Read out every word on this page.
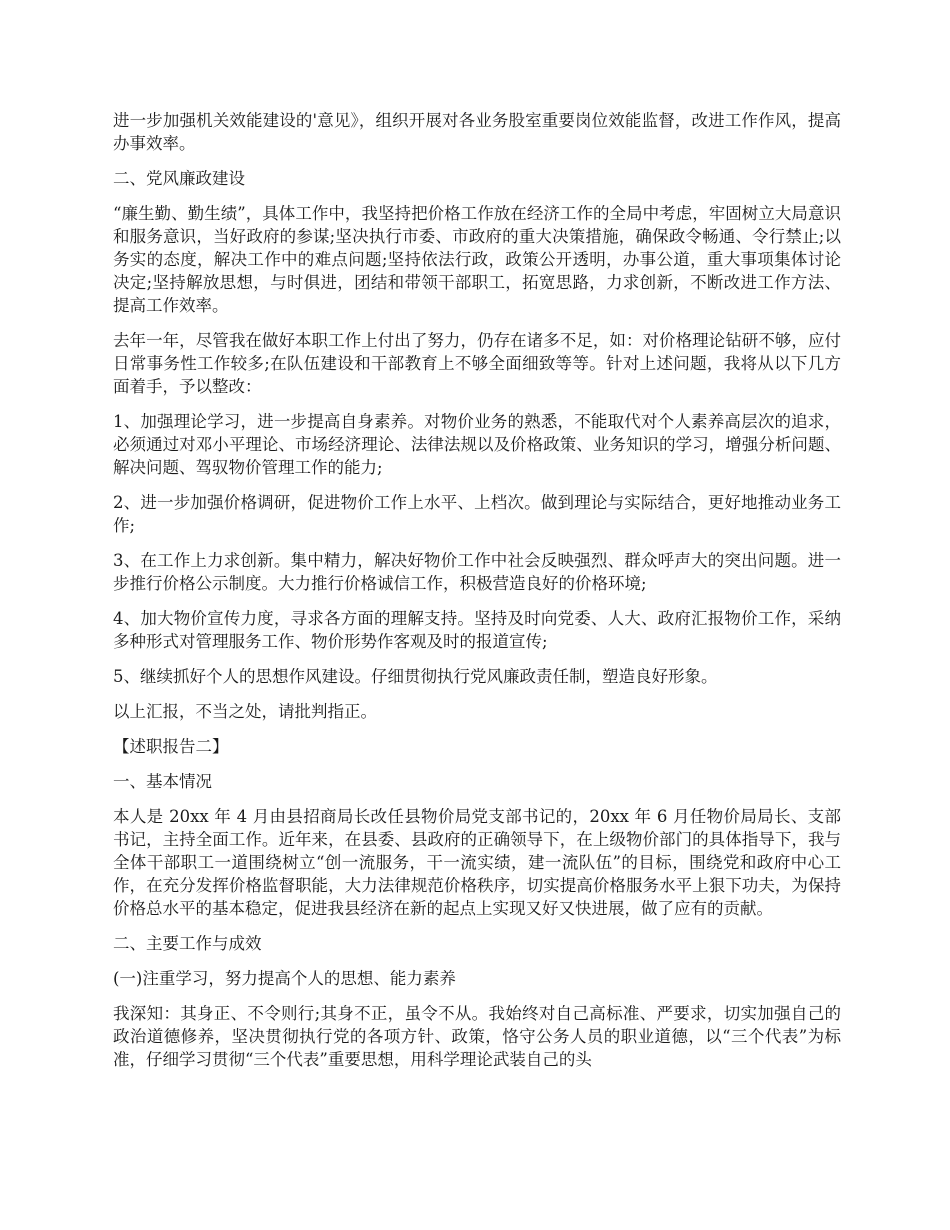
进一步加强机关效能建设的'意见》，组织开展对各业务股室重要岗位效能监督，改进工作作风，提高办事效率。

二、党风廉政建设

“廉生勤、勤生绩”，具体工作中，我坚持把价格工作放在经济工作的全局中考虑，牢固树立大局意识和服务意识，当好政府的参谋;坚决执行市委、市政府的重大决策措施，确保政令畅通、令行禁止;以务实的态度，解决工作中的难点问题;坚持依法行政，政策公开透明，办事公道，重大事项集体讨论决定;坚持解放思想，与时俱进，团结和带领干部职工，拓宽思路，力求创新，不断改进工作方法、提高工作效率。

去年一年，尽管我在做好本职工作上付出了努力，仍存在诸多不足，如：对价格理论钻研不够，应付日常事务性工作较多;在队伍建设和干部教育上不够全面细致等等。针对上述问题，我将从以下几方面着手，予以整改：

1、加强理论学习，进一步提高自身素养。对物价业务的熟悉，不能取代对个人素养高层次的追求，必须通过对邓小平理论、市场经济理论、法律法规以及价格政策、业务知识的学习，增强分析问题、解决问题、驾驭物价管理工作的能力;

2、进一步加强价格调研，促进物价工作上水平、上档次。做到理论与实际结合，更好地推动业务工作;

3、在工作上力求创新。集中精力，解决好物价工作中社会反映强烈、群众呼声大的突出问题。进一步推行价格公示制度。大力推行价格诚信工作，积极营造良好的价格环境;

4、加大物价宣传力度，寻求各方面的理解支持。坚持及时向党委、人大、政府汇报物价工作，采纳多种形式对管理服务工作、物价形势作客观及时的报道宣传;

5、继续抓好个人的思想作风建设。仔细贯彻执行党风廉政责任制，塑造良好形象。

以上汇报，不当之处，请批判指正。

【述职报告二】

一、基本情况

本人是 20xx 年 4 月由县招商局长改任县物价局党支部书记的，20xx 年 6 月任物价局局长、支部书记，主持全面工作。近年来，在县委、县政府的正确领导下，在上级物价部门的具体指导下，我与全体干部职工一道围绕树立“创一流服务，干一流实绩，建一流队伍”的目标，围绕党和政府中心工作，在充分发挥价格监督职能，大力法律规范价格秩序，切实提高价格服务水平上狠下功夫，为保持价格总水平的基本稳定，促进我县经济在新的起点上实现又好又快进展，做了应有的贡献。

二、主要工作与成效

(一)注重学习，努力提高个人的思想、能力素养

我深知：其身正、不令则行;其身不正，虽令不从。我始终对自己高标准、严要求，切实加强自己的政治道德修养，坚决贯彻执行党的各项方针、政策，恪守公务人员的职业道德，以“三个代表”为标准，仔细学习贯彻“三个代表”重要思想，用科学理论武装自己的头
